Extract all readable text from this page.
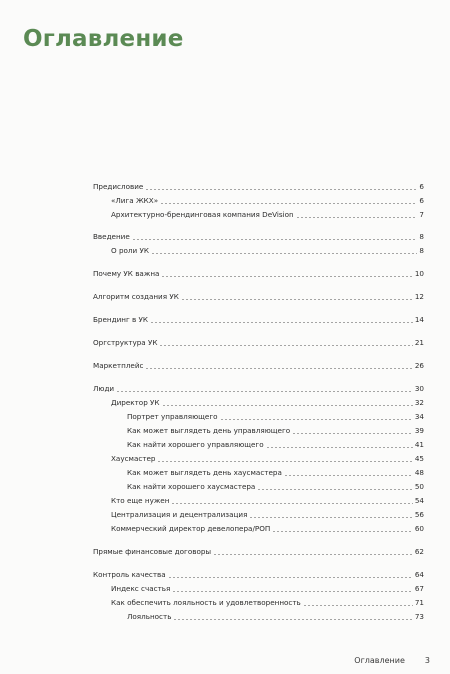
Оглавление
Предисловие	6
«Лига ЖКХ»	6
Архитектурно-брендинговая компания DeVision	7
Введение	8
О роли УК	8
Почему УК важна	10
Алгоритм создания УК	12
Брендинг в УК	14
Оргструктура УК	21
Маркетплейс	26
Люди	30
Директор УК	32
Портрет управляющего	34
Как может выглядеть день управляющего	39
Как найти хорошего управляющего	41
Хаусмастер	45
Как может выглядеть день хаусмастера	48
Как найти хорошего хаусмастера	50
Кто еще нужен	54
Централизация и децентрализация	56
Коммерческий директор девелопера/РОП	60
Прямые финансовые договоры	62
Контроль качества	64
Индекс счастья	67
Как обеспечить лояльность и удовлетворенность	71
Лояльность	73
Оглавление	3
